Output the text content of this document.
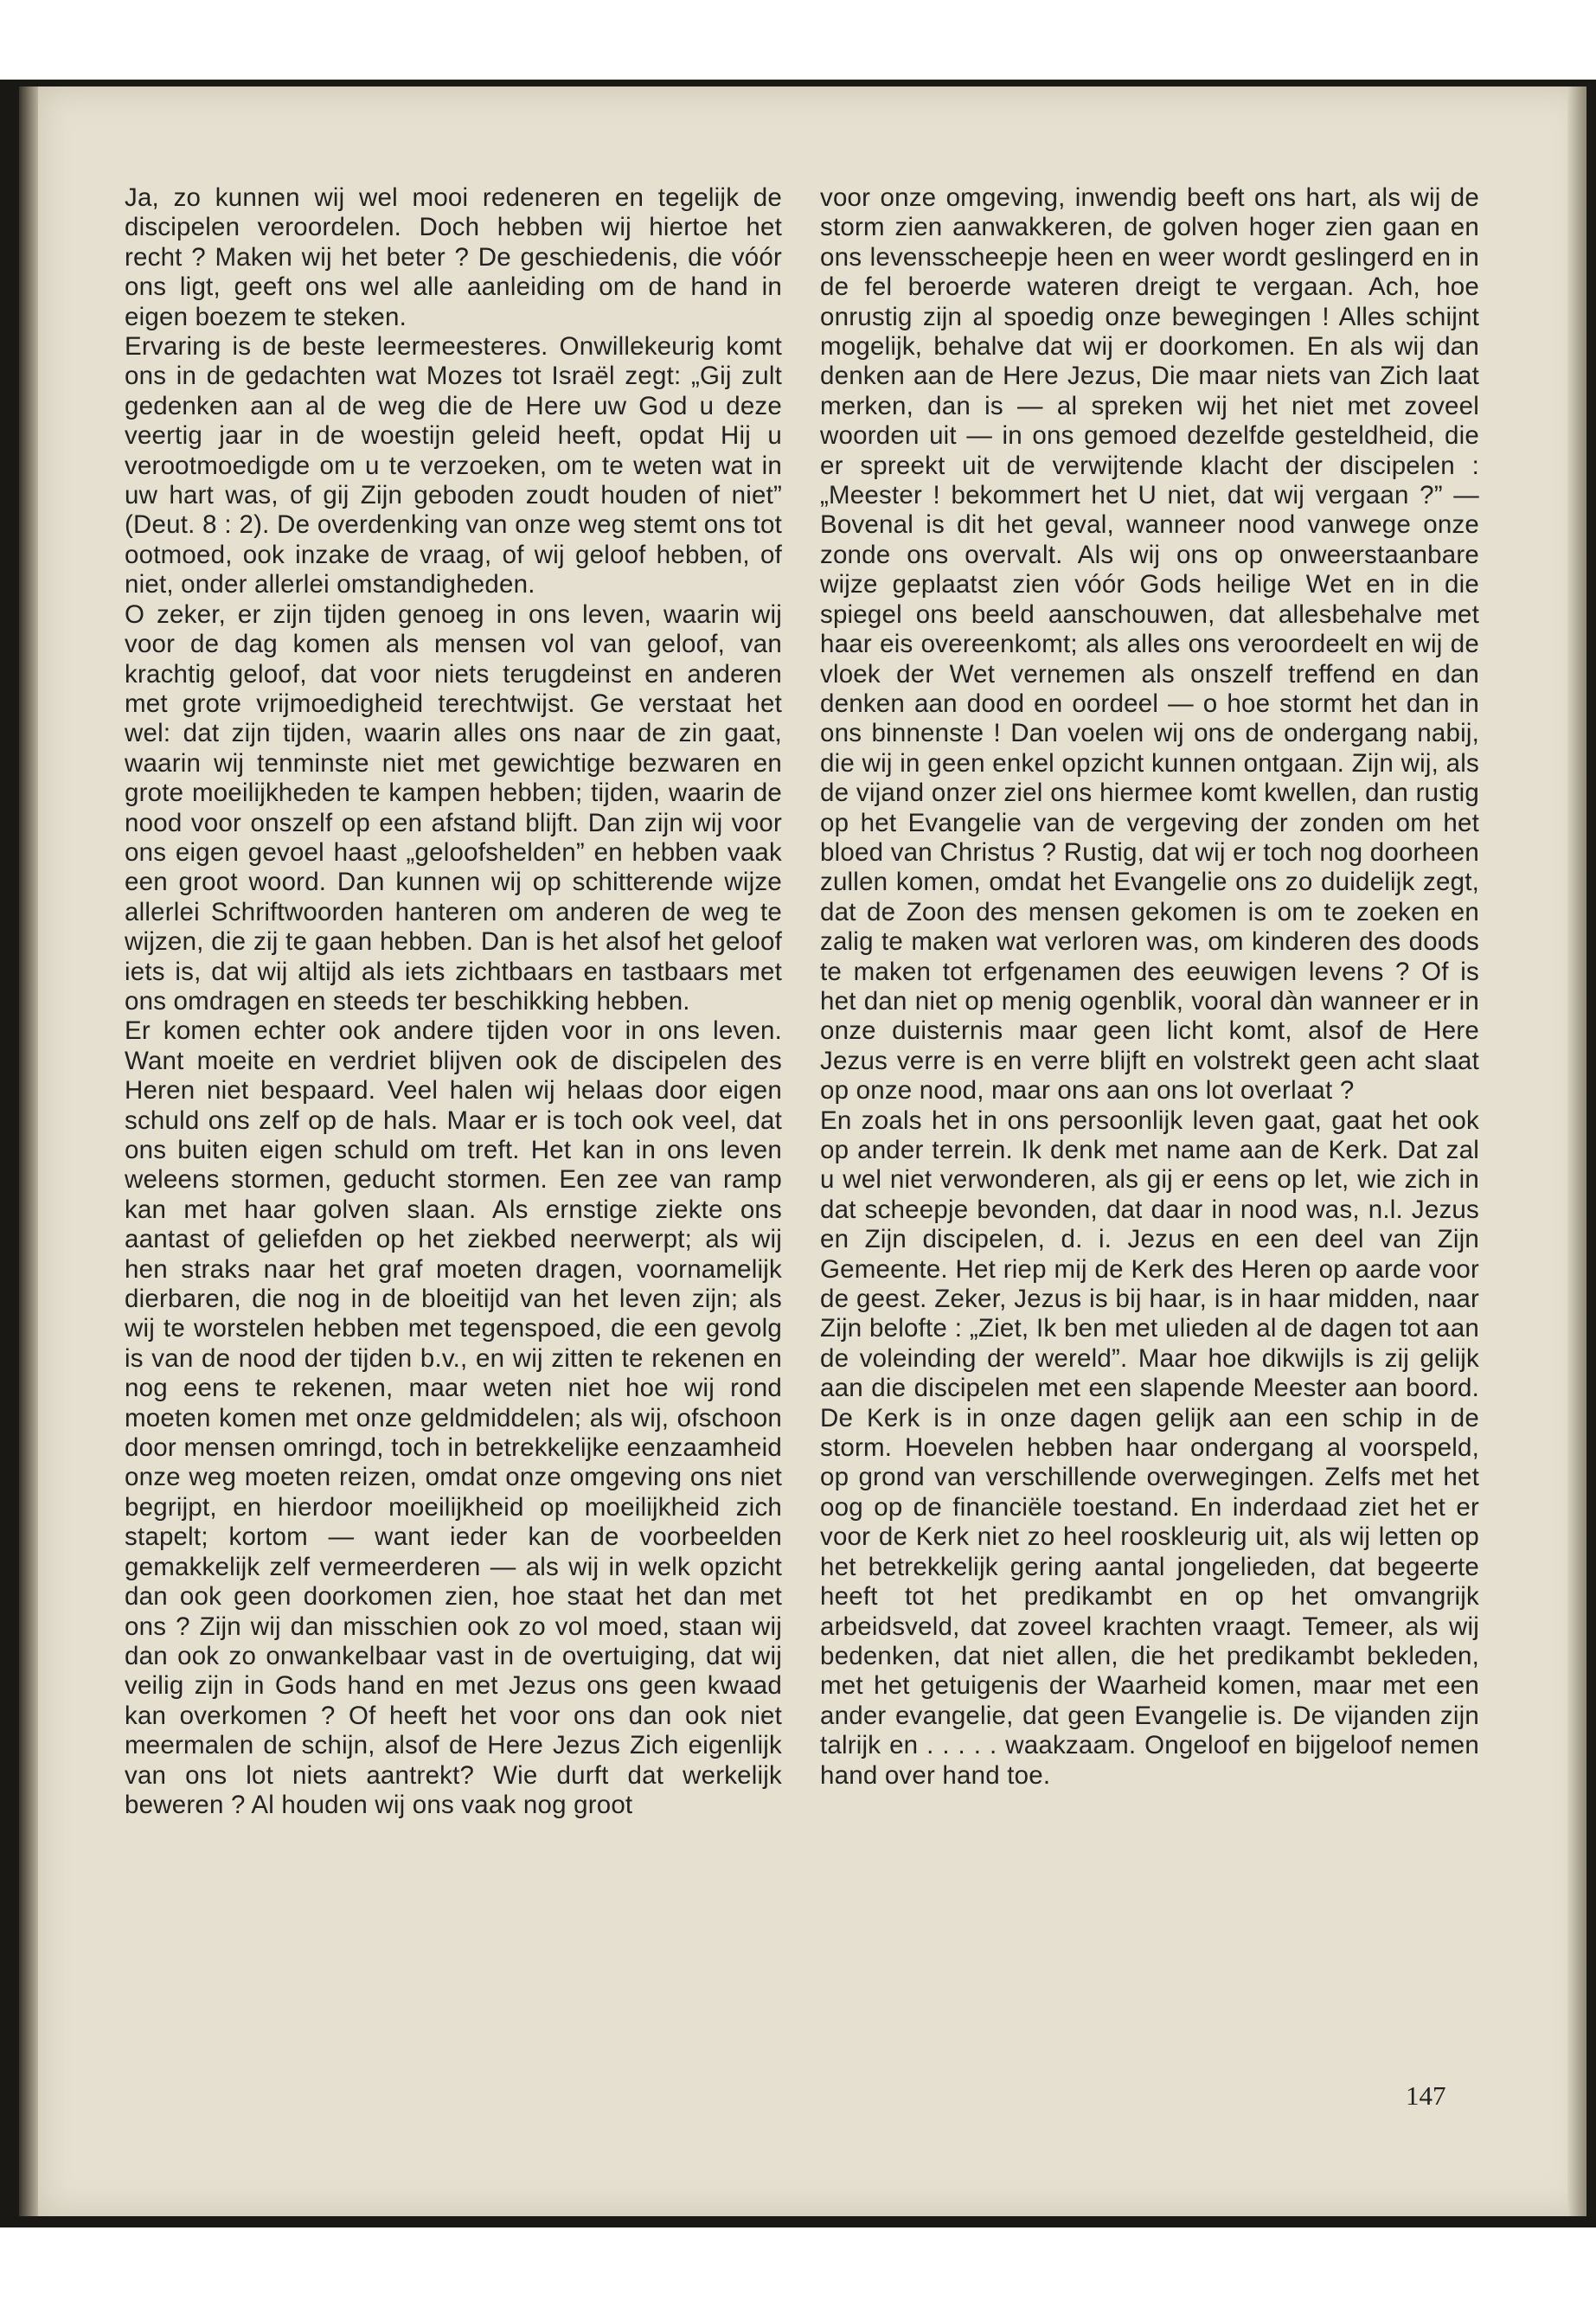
Ja, zo kunnen wij wel mooi redeneren en tegelijk de discipelen veroordelen. Doch hebben wij hiertoe het recht ? Maken wij het beter ? De geschiedenis, die vóór ons ligt, geeft ons wel alle aanleiding om de hand in eigen boezem te steken.

Ervaring is de beste leermeesteres. Onwillekeurig komt ons in de gedachten wat Mozes tot Israël zegt: „Gij zult gedenken aan al de weg die de Here uw God u deze veertig jaar in de woestijn geleid heeft, opdat Hij u verootmoedigde om u te verzoeken, om te weten wat in uw hart was, of gij Zijn geboden zoudt houden of niet” (Deut. 8 : 2). De overdenking van onze weg stemt ons tot ootmoed, ook inzake de vraag, of wij geloof hebben, of niet, onder allerlei omstandigheden.

O zeker, er zijn tijden genoeg in ons leven, waarin wij voor de dag komen als mensen vol van geloof, van krachtig geloof, dat voor niets terugdeinst en anderen met grote vrijmoedigheid terechtwijst. Ge verstaat het wel: dat zijn tijden, waarin alles ons naar de zin gaat, waarin wij tenminste niet met gewichtige bezwaren en grote moeilijkheden te kampen hebben; tijden, waarin de nood voor onszelf op een afstand blijft. Dan zijn wij voor ons eigen gevoel haast „geloofshelden” en hebben vaak een groot woord. Dan kunnen wij op schitterende wijze allerlei Schriftwoorden hanteren om anderen de weg te wijzen, die zij te gaan hebben. Dan is het alsof het geloof iets is, dat wij altijd als iets zichtbaars en tastbaars met ons omdragen en steeds ter beschikking hebben.

Er komen echter ook andere tijden voor in ons leven. Want moeite en verdriet blijven ook de discipelen des Heren niet bespaard. Veel halen wij helaas door eigen schuld ons zelf op de hals. Maar er is toch ook veel, dat ons buiten eigen schuld om treft. Het kan in ons leven weleens stormen, geducht stormen. Een zee van ramp kan met haar golven slaan. Als ernstige ziekte ons aantast of geliefden op het ziekbed neerwerpt; als wij hen straks naar het graf moeten dragen, voornamelijk dierbaren, die nog in de bloeitijd van het leven zijn; als wij te worstelen hebben met tegenspoed, die een gevolg is van de nood der tijden b.v., en wij zitten te rekenen en nog eens te rekenen, maar weten niet hoe wij rond moeten komen met onze geldmiddelen; als wij, ofschoon door mensen omringd, toch in betrekkelijke eenzaamheid onze weg moeten reizen, omdat onze omgeving ons niet begrijpt, en hierdoor moeilijkheid op moeilijkheid zich stapelt; kortom — want ieder kan de voorbeelden gemakkelijk zelf vermeerderen — als wij in welk opzicht dan ook geen doorkomen zien, hoe staat het dan met ons ? Zijn wij dan misschien ook zo vol moed, staan wij dan ook zo onwankelbaar vast in de overtuiging, dat wij veilig zijn in Gods hand en met Jezus ons geen kwaad kan overkomen ? Of heeft het voor ons dan ook niet meermalen de schijn, alsof de Here Jezus Zich eigenlijk van ons lot niets aantrekt? Wie durft dat werkelijk beweren ? Al houden wij ons vaak nog groot

voor onze omgeving, inwendig beeft ons hart, als wij de storm zien aanwakkeren, de golven hoger zien gaan en ons levensscheepje heen en weer wordt geslingerd en in de fel beroerde wateren dreigt te vergaan. Ach, hoe onrustig zijn al spoedig onze bewegingen ! Alles schijnt mogelijk, behalve dat wij er doorkomen. En als wij dan denken aan de Here Jezus, Die maar niets van Zich laat merken, dan is — al spreken wij het niet met zoveel woorden uit — in ons gemoed dezelfde gesteldheid, die er spreekt uit de verwijtende klacht der discipelen : „Meester ! bekommert het U niet, dat wij vergaan ?” — Bovenal is dit het geval, wanneer nood vanwege onze zonde ons overvalt. Als wij ons op onweerstaanbare wijze geplaatst zien vóór Gods heilige Wet en in die spiegel ons beeld aanschouwen, dat allesbehalve met haar eis overeenkomt; als alles ons veroordeelt en wij de vloek der Wet vernemen als onszelf treffend en dan denken aan dood en oordeel — o hoe stormt het dan in ons binnenste ! Dan voelen wij ons de ondergang nabij, die wij in geen enkel opzicht kunnen ontgaan. Zijn wij, als de vijand onzer ziel ons hiermee komt kwellen, dan rustig op het Evangelie van de vergeving der zonden om het bloed van Christus ? Rustig, dat wij er toch nog doorheen zullen komen, omdat het Evangelie ons zo duidelijk zegt, dat de Zoon des mensen gekomen is om te zoeken en zalig te maken wat verloren was, om kinderen des doods te maken tot erfgenamen des eeuwigen levens ? Of is het dan niet op menig ogenblik, vooral dàn wanneer er in onze duisternis maar geen licht komt, alsof de Here Jezus verre is en verre blijft en volstrekt geen acht slaat op onze nood, maar ons aan ons lot overlaat ?

En zoals het in ons persoonlijk leven gaat, gaat het ook op ander terrein. Ik denk met name aan de Kerk. Dat zal u wel niet verwonderen, als gij er eens op let, wie zich in dat scheepje bevonden, dat daar in nood was, n.l. Jezus en Zijn discipelen, d. i. Jezus en een deel van Zijn Gemeente. Het riep mij de Kerk des Heren op aarde voor de geest. Zeker, Jezus is bij haar, is in haar midden, naar Zijn belofte : „Ziet, Ik ben met ulieden al de dagen tot aan de voleinding der wereld”. Maar hoe dikwijls is zij gelijk aan die discipelen met een slapende Meester aan boord. De Kerk is in onze dagen gelijk aan een schip in de storm. Hoevelen hebben haar ondergang al voorspeld, op grond van verschillende overwegingen. Zelfs met het oog op de financiële toestand. En inderdaad ziet het er voor de Kerk niet zo heel rooskleurig uit, als wij letten op het betrekkelijk gering aantal jongelieden, dat begeerte heeft tot het predikambt en op het omvangrijk arbeidsveld, dat zoveel krachten vraagt. Temeer, als wij bedenken, dat niet allen, die het predikambt bekleden, met het getuigenis der Waarheid komen, maar met een ander evangelie, dat geen Evangelie is. De vijanden zijn talrijk en . . . . . waakzaam. Ongeloof en bijgeloof nemen hand over hand toe.

147
